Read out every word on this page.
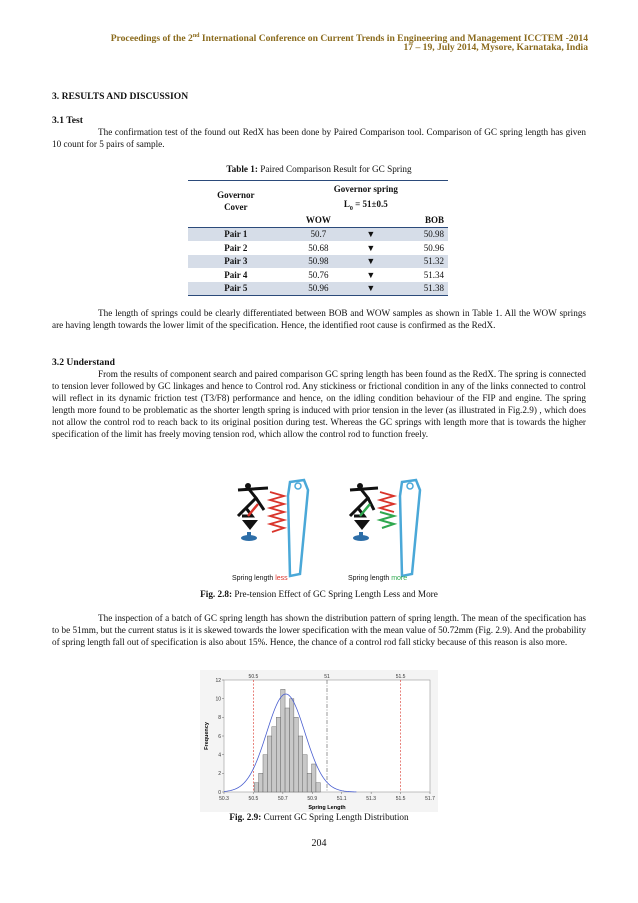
Proceedings of the 2nd International Conference on Current Trends in Engineering and Management ICCTEM -2014
17 – 19, July 2014, Mysore, Karnataka, India
3. RESULTS AND DISCUSSION
3.1 Test

The confirmation test of the found out RedX has been done by Paired Comparison tool. Comparison of GC spring length has given 10 count for 5 pairs of sample.

Table 1: Paired Comparison Result for GC Spring
Governor
Cover	Governor spring		
	$L_0 = 51\pm 0.5$		
	WOW		BOB
Pair 1	50.7	▼	50.98
Pair 2	50.68	▼	50.96
Pair 3	50.98	▼	51.32
Pair 4	50.76	▼	51.34
Pair 5	50.96	▼	51.38

The length of springs could be clearly differentiated between BOB and WOW samples as shown in Table 1. All the WOW springs are having length towards the lower limit of the specification. Hence, the identified root cause is confirmed as the RedX.

3.2 Understand

From the results of component search and paired comparison GC spring length has been found as the RedX. The spring is connected to tension lever followed by GC linkages and hence to Control rod. Any stickiness or frictional condition in any of the links connected to control will reflect in its dynamic friction test (T3/F8) performance and hence, on the idling condition behaviour of the FIP and engine. The spring length more found to be problematic as the shorter length spring is induced with prior tension in the lever (as illustrated in Fig.2.9) , which does not allow the control rod to reach back to its original position during test. Whereas the GC springs with length more that is towards the higher specification of the limit has freely moving tension rod, which allow the control rod to function freely.

Spring length less	Spring length more
Fig. 2.8: Pre-tension Effect of GC Spring Length Less and More

The inspection of a batch of GC spring length has shown the distribution pattern of spring length. The mean of the specification has to be 51mm, but the current status is it is skewed towards the lower specification with the mean value of 50.72mm (Fig. 2.9). And the probability of spring length fall out of specification is also about 15%. Hence, the chance of a control rod fall sticky because of this reason is also more.

0
2
4
6
8
10
12
50.3	50.5	50.7	50.9	51.1	51.3	51.5	51.7
50.5	51	51.5
Frequency
Spring Length
Fig. 2.9: Current GC Spring Length Distribution
204
